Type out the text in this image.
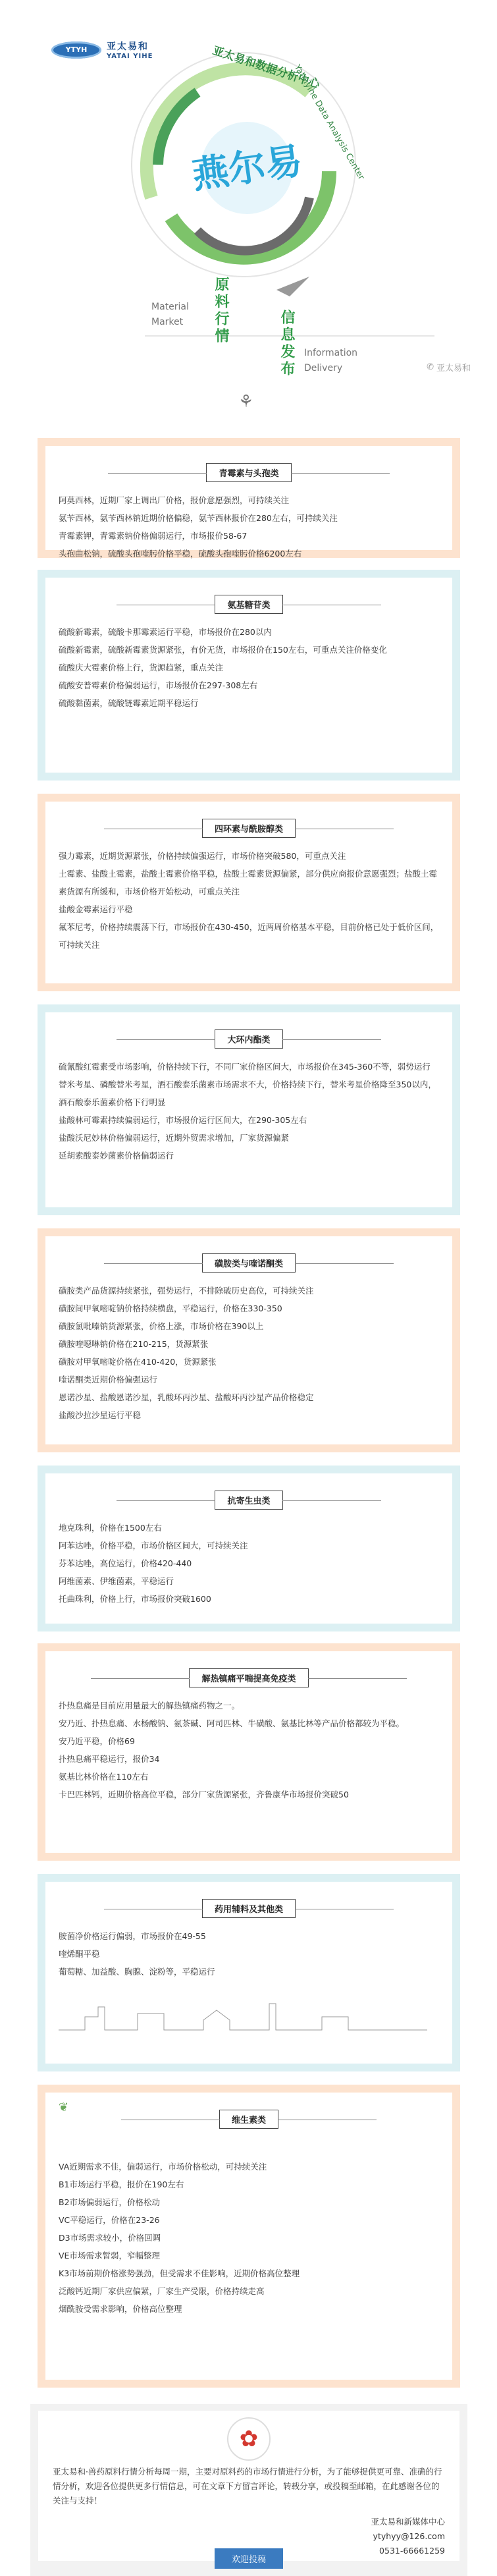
燕尔易
YTYH	亚太易和
YATAI YIHE	亚太易和数据分析中心
Yataiyihe Data Analysis Center
Material
Market 原料行情	信息发布 Information
Delivery	✆ 亚太易和
⚘
青霉素与头孢类
阿莫西林，近期厂家上调出厂价格，报价意愿强烈，可持续关注
氨苄西林，氨苄西林钠近期价格偏稳，氨苄西林报价在280左右，可持续关注
青霉素钾，青霉素钠价格偏弱运行，市场报价58-67
头孢曲松钠，硫酸头孢喹肟价格平稳，硫酸头孢喹肟价格6200左右
氨基糖苷类
硫酸新霉素，硫酸卡那霉素运行平稳，市场报价在280以内
硫酸新霉素，硫酸新霉素货源紧张，有价无货，市场报价在150左右，可重点关注价格变化
硫酸庆大霉素价格上行，货源趋紧，重点关注
硫酸安普霉素价格偏弱运行，市场报价在297-308左右
硫酸黏菌素，硫酸链霉素近期平稳运行
四环素与酰胺醇类
强力霉素，近期货源紧张，价格持续偏强运行，市场价格突破580，可重点关注
土霉素、盐酸土霉素，盐酸土霉素价格平稳，盐酸土霉素货源偏紧，部分供应商报价意愿强烈；盐酸土霉素货源有所缓和，市场价格开始松动，可重点关注
盐酸金霉素运行平稳
氟苯尼考，价格持续震荡下行，市场报价在430-450，近两周价格基本平稳，目前价格已处于低价区间，可持续关注
大环内酯类
硫氰酸红霉素受市场影响，价格持续下行，不同厂家价格区间大，市场报价在345-360不等，弱势运行
替米考星、磷酸替米考星，酒石酸泰乐菌素市场需求不大，价格持续下行，替米考星价格降至350以内，酒石酸泰乐菌素价格下行明显
盐酸林可霉素持续偏弱运行，市场报价运行区间大，在290-305左右
盐酸沃尼妙林价格偏弱运行，近期外贸需求增加，厂家货源偏紧
延胡索酸泰妙菌素价格偏弱运行
磺胺类与喹诺酮类
磺胺类产品货源持续紧张，强势运行，不排除破历史高位，可持续关注
磺胺间甲氧嘧啶钠价格持续横盘，平稳运行，价格在330-350
磺胺氯吡嗪钠货源紧张，价格上涨，市场价格在390以上
磺胺喹噁啉钠价格在210-215，货源紧张
磺胺对甲氧嘧啶价格在410-420，货源紧张
喹诺酮类近期价格偏强运行
恩诺沙星、盐酸恩诺沙星，乳酸环丙沙星、盐酸环丙沙星产品价格稳定
盐酸沙拉沙星运行平稳
抗寄生虫类
地克珠利，价格在1500左右
阿苯达唑，价格平稳，市场价格区间大，可持续关注
芬苯达唑，高位运行，价格420-440
阿维菌素、伊维菌素，平稳运行
托曲珠利，价格上行，市场报价突破1600
解热镇痛平喘提高免疫类
扑热息痛是目前应用量最大的解热镇痛药物之一。
安乃近、扑热息痛、水杨酸钠、氨茶碱、阿司匹林、牛磺酸、氨基比林等产品价格都较为平稳。
安乃近平稳，价格69
扑热息痛平稳运行，报价34
氨基比林价格在110左右
卡巴匹林钙，近期价格高位平稳，部分厂家货源紧张，齐鲁康华市场报价突破50
药用辅料及其他类
胺菌净价格运行偏弱，市场报价在49-55
喹烯酮平稳
葡萄糖、加益酸、胸腺、淀粉等，平稳运行
❦
维生素类
VA近期需求不佳，偏弱运行，市场价格松动，可持续关注
B1市场运行平稳，报价在190左右
B2市场偏弱运行，价格松动
VC平稳运行，价格在23-26
D3市场需求较小，价格回调
VE市场需求暂弱，窄幅整理
K3市场前期价格涨势强劲，但受需求不佳影响，近期价格高位整理
泛酸钙近期厂家供应偏紧，厂家生产受限，价格持续走高
烟酰胺受需求影响，价格高位整理
✿
亚太易和·兽药原料行情分析每周一期，主要对原料药的市场行情进行分析，为了能够提供更可靠、准确的行情分析，欢迎各位提供更多行情信息，可在文章下方留言评论，转载分享，或投稿至邮箱，在此感谢各位的关注与支持！
亚太易和新媒体中心
ytyhyy@126.com
0531-66661259
欢迎投稿
